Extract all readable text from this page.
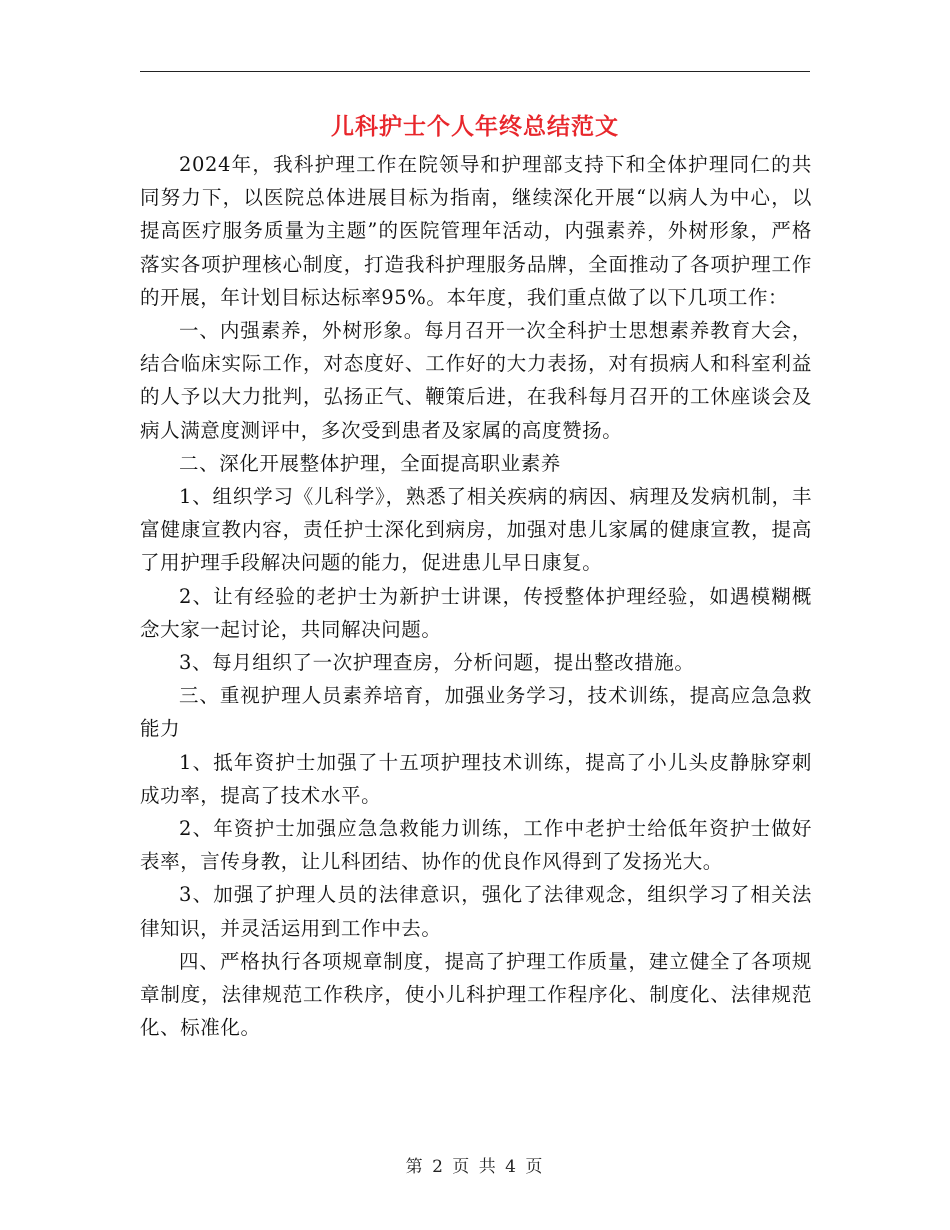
儿科护士个人年终总结范文

2024年，我科护理工作在院领导和护理部支持下和全体护理同仁的共同努力下，以医院总体进展目标为指南，继续深化开展“以病人为中心，以提高医疗服务质量为主题”的医院管理年活动，内强素养，外树形象，严格落实各项护理核心制度，打造我科护理服务品牌，全面推动了各项护理工作的开展，年计划目标达标率95%。本年度，我们重点做了以下几项工作：

一、内强素养，外树形象。每月召开一次全科护士思想素养教育大会，结合临床实际工作，对态度好、工作好的大力表扬，对有损病人和科室利益的人予以大力批判，弘扬正气、鞭策后进，在我科每月召开的工休座谈会及病人满意度测评中，多次受到患者及家属的高度赞扬。

二、深化开展整体护理，全面提高职业素养

1、组织学习《儿科学》，熟悉了相关疾病的病因、病理及发病机制，丰富健康宣教内容，责任护士深化到病房，加强对患儿家属的健康宣教，提高了用护理手段解决问题的能力，促进患儿早日康复。

2、让有经验的老护士为新护士讲课，传授整体护理经验，如遇模糊概念大家一起讨论，共同解决问题。

3、每月组织了一次护理查房，分析问题，提出整改措施。

三、重视护理人员素养培育，加强业务学习，技术训练，提高应急急救能力

1、抵年资护士加强了十五项护理技术训练，提高了小儿头皮静脉穿刺成功率，提高了技术水平。

2、年资护士加强应急急救能力训练，工作中老护士给低年资护士做好表率，言传身教，让儿科团结、协作的优良作风得到了发扬光大。

3、加强了护理人员的法律意识，强化了法律观念，组织学习了相关法律知识，并灵活运用到工作中去。

四、严格执行各项规章制度，提高了护理工作质量，建立健全了各项规章制度，法律规范工作秩序，使小儿科护理工作程序化、制度化、法律规范化、标准化。

第 2 页 共 4 页
